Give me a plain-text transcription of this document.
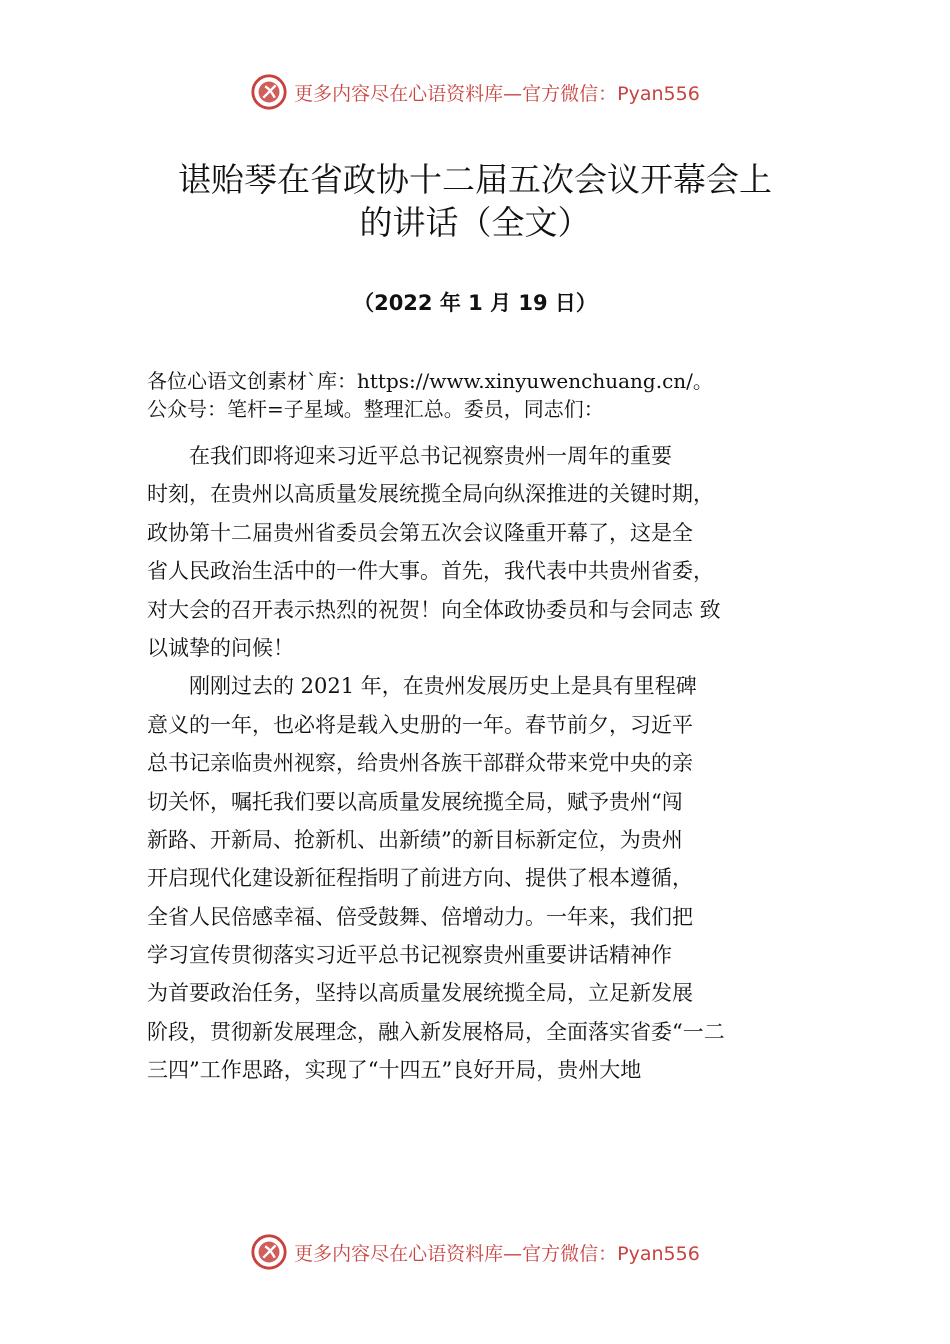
更多内容尽在心语资料库—官方微信：Pyan556
谌贻琴在省政协十二届五次会议开幕会上
的讲话（全文）
（2022 年 1 月 19 日）
各位心语文创素材`库：https://www.xinyuwenchuang.cn/。
公众号：笔杆=子星域。整理汇总。委员，同志们：
　　在我们即将迎来习近平总书记视察贵州一周年的重要
时刻，在贵州以高质量发展统揽全局向纵深推进的关键时期，
政协第十二届贵州省委员会第五次会议隆重开幕了，这是全
省人民政治生活中的一件大事。首先，我代表中共贵州省委，
对大会的召开表示热烈的祝贺！向全体政协委员和与会同志 致
以诚挚的问候！
　　刚刚过去的 2021 年，在贵州发展历史上是具有里程碑
意义的一年，也必将是载入史册的一年。春节前夕，习近平
总书记亲临贵州视察，给贵州各族干部群众带来党中央的亲
切关怀，嘱托我们要以高质量发展统揽全局，赋予贵州“闯
新路、开新局、抢新机、出新绩”的新目标新定位，为贵州
开启现代化建设新征程指明了前进方向、提供了根本遵循，
全省人民倍感幸福、倍受鼓舞、倍增动力。一年来，我们把
学习宣传贯彻落实习近平总书记视察贵州重要讲话精神作
为首要政治任务，坚持以高质量发展统揽全局，立足新发展
阶段，贯彻新发展理念，融入新发展格局，全面落实省委“一二
三四”工作思路，实现了“十四五”良好开局，贵州大地
更多内容尽在心语资料库—官方微信：Pyan556
